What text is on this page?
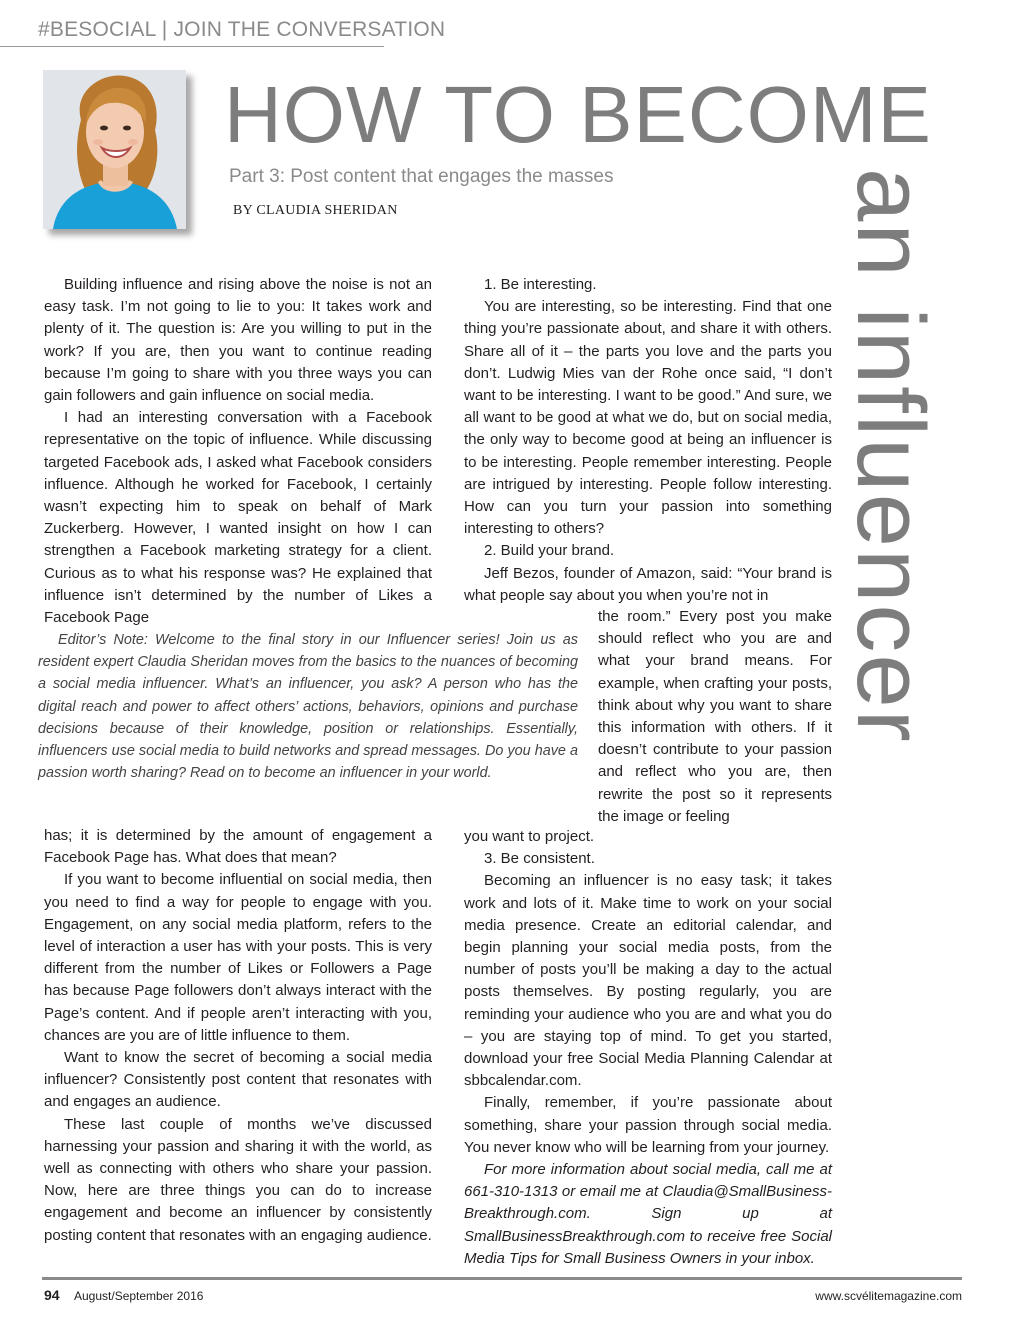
#BESOCIAL | JOIN THE CONVERSATION
HOW TO BECOME
Part 3: Post content that engages the masses
BY CLAUDIA SHERIDAN	an influencer

Building influence and rising above the noise is not an easy task. I’m not going to lie to you: It takes work and plenty of it. The question is: Are you willing to put in the work? If you are, then you want to continue reading because I’m going to share with you three ways you can gain followers and gain influence on social media.

I had an interesting conversation with a Facebook representative on the topic of influence. While discussing targeted Facebook ads, I asked what Facebook considers influence. Although he worked for Facebook, I certainly wasn’t expecting him to speak on behalf of Mark Zuckerberg. However, I wanted insight on how I can strengthen a Facebook marketing strategy for a client. Curious as to what his response was? He explained that influence isn’t determined by the number of Likes a Facebook Page

Editor’s Note: Welcome to the final story in our Influencer series! Join us as resident expert Claudia Sheridan moves from the basics to the nuances of becoming a social media influencer. What’s an influencer, you ask? A person who has the digital reach and power to affect others’ actions, behaviors, opinions and purchase decisions because of their knowledge, position or relationships. Essentially, influencers use social media to build networks and spread messages. Do you have a passion worth sharing? Read on to become an influencer in your world.

has; it is determined by the amount of engagement a Facebook Page has. What does that mean?

If you want to become influential on social media, then you need to find a way for people to engage with you. Engagement, on any social media platform, refers to the level of interaction a user has with your posts. This is very different from the number of Likes or Followers a Page has because Page followers don’t always interact with the Page’s content. And if people aren’t interacting with you, chances are you are of little influence to them.

Want to know the secret of becoming a social media influencer? Consistently post content that resonates with and engages an audience.

These last couple of months we’ve discussed harnessing your passion and sharing it with the world, as well as connecting with others who share your passion. Now, here are three things you can do to increase engagement and become an influencer by consistently posting content that resonates with an engaging audience.

1. Be interesting.

You are interesting, so be interesting. Find that one thing you’re passionate about, and share it with others. Share all of it – the parts you love and the parts you don’t. Ludwig Mies van der Rohe once said, “I don’t want to be interesting. I want to be good.” And sure, we all want to be good at what we do, but on social media, the only way to become good at being an influencer is to be interesting. People remember interesting. People are intrigued by interesting. People follow interesting. How can you turn your passion into something interesting to others?

2. Build your brand.

Jeff Bezos, founder of Amazon, said: “Your brand is what people say about you when you’re not in

the room.” Every post you make should reflect who you are and what your brand means. For example, when crafting your posts, think about why you want to share this information with others. If it doesn’t contribute to your passion and reflect who you are, then rewrite the post so it represents the image or feeling

you want to project.

3. Be consistent.

Becoming an influencer is no easy task; it takes work and lots of it. Make time to work on your social media presence. Create an editorial calendar, and begin planning your social media posts, from the number of posts you’ll be making a day to the actual posts themselves. By posting regularly, you are reminding your audience who you are and what you do – you are staying top of mind. To get you started, download your free Social Media Planning Calendar at sbbcalendar.com.

Finally, remember, if you’re passionate about something, share your passion through social media. You never know who will be learning from your journey.

For more information about social media, call me at 661-310-1313 or email me at Claudia@SmallBusiness-Breakthrough.com. Sign up at SmallBusinessBreakthrough.com to receive free Social Media Tips for Small Business Owners in your inbox.

94 August/September 2016	www.scvélitemagazine.com
